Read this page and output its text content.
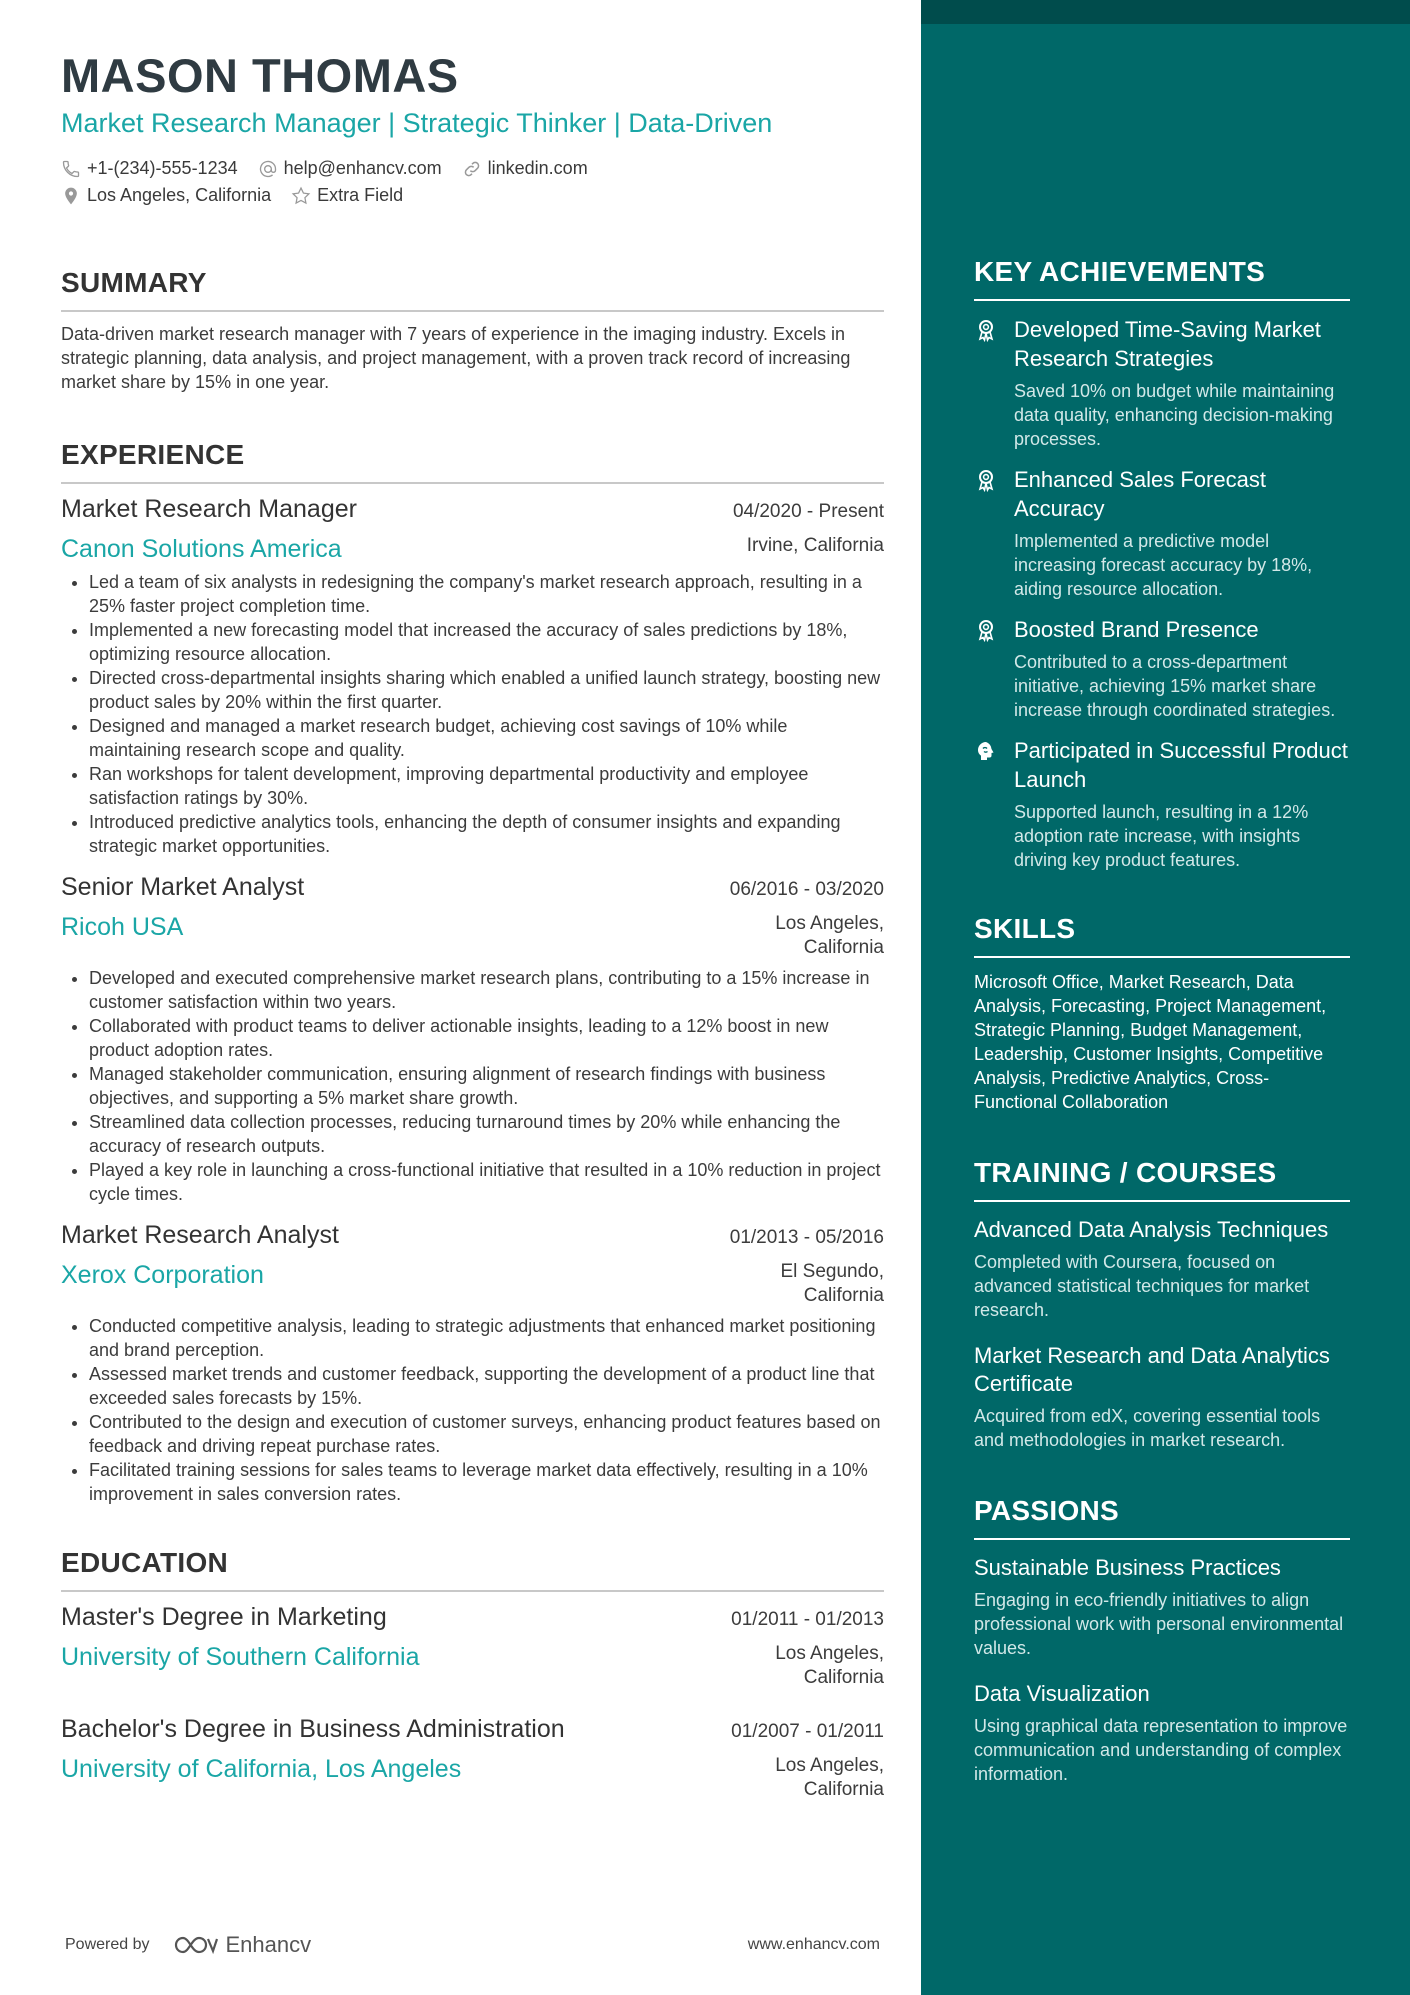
MASON THOMAS
Market Research Manager | Strategic Thinker | Data-Driven
+1-(234)-555-1234	help@enhancv.com	linkedin.com
Los Angeles, California	Extra Field
SUMMARY
Data-driven market research manager with 7 years of experience in the imaging industry. Excels in strategic planning, data analysis, and project management, with a proven track record of increasing market share by 15% in one year.
EXPERIENCE
Market Research Manager	04/2020 - Present
Canon Solutions America	Irvine, California
• Led a team of six analysts in redesigning the company's market research approach, resulting in a 25% faster project completion time.
• Implemented a new forecasting model that increased the accuracy of sales predictions by 18%, optimizing resource allocation.
• Directed cross-departmental insights sharing which enabled a unified launch strategy, boosting new product sales by 20% within the first quarter.
• Designed and managed a market research budget, achieving cost savings of 10% while maintaining research scope and quality.
• Ran workshops for talent development, improving departmental productivity and employee satisfaction ratings by 30%.
• Introduced predictive analytics tools, enhancing the depth of consumer insights and expanding strategic market opportunities.
Senior Market Analyst	06/2016 - 03/2020
Ricoh USA	Los Angeles, California
• Developed and executed comprehensive market research plans, contributing to a 15% increase in customer satisfaction within two years.
• Collaborated with product teams to deliver actionable insights, leading to a 12% boost in new product adoption rates.
• Managed stakeholder communication, ensuring alignment of research findings with business objectives, and supporting a 5% market share growth.
• Streamlined data collection processes, reducing turnaround times by 20% while enhancing the accuracy of research outputs.
• Played a key role in launching a cross-functional initiative that resulted in a 10% reduction in project cycle times.
Market Research Analyst	01/2013 - 05/2016
Xerox Corporation	El Segundo, California
• Conducted competitive analysis, leading to strategic adjustments that enhanced market positioning and brand perception.
• Assessed market trends and customer feedback, supporting the development of a product line that exceeded sales forecasts by 15%.
• Contributed to the design and execution of customer surveys, enhancing product features based on feedback and driving repeat purchase rates.
• Facilitated training sessions for sales teams to leverage market data effectively, resulting in a 10% improvement in sales conversion rates.
EDUCATION
Master's Degree in Marketing	01/2011 - 01/2013
University of Southern California	Los Angeles, California
Bachelor's Degree in Business Administration	01/2007 - 01/2011
University of California, Los Angeles	Los Angeles, California
KEY ACHIEVEMENTS
Developed Time-Saving Market Research Strategies
Saved 10% on budget while maintaining data quality, enhancing decision-making processes.
Enhanced Sales Forecast Accuracy
Implemented a predictive model increasing forecast accuracy by 18%, aiding resource allocation.
Boosted Brand Presence
Contributed to a cross-department initiative, achieving 15% market share increase through coordinated strategies.
Participated in Successful Product Launch
Supported launch, resulting in a 12% adoption rate increase, with insights driving key product features.
SKILLS
Microsoft Office, Market Research, Data Analysis, Forecasting, Project Management, Strategic Planning, Budget Management, Leadership, Customer Insights, Competitive Analysis, Predictive Analytics, Cross-Functional Collaboration
TRAINING / COURSES
Advanced Data Analysis Techniques
Completed with Coursera, focused on advanced statistical techniques for market research.
Market Research and Data Analytics Certificate
Acquired from edX, covering essential tools and methodologies in market research.
PASSIONS
Sustainable Business Practices
Engaging in eco-friendly initiatives to align professional work with personal environmental values.
Data Visualization
Using graphical data representation to improve communication and understanding of complex information.
Powered by	Enhancv	www.enhancv.com
